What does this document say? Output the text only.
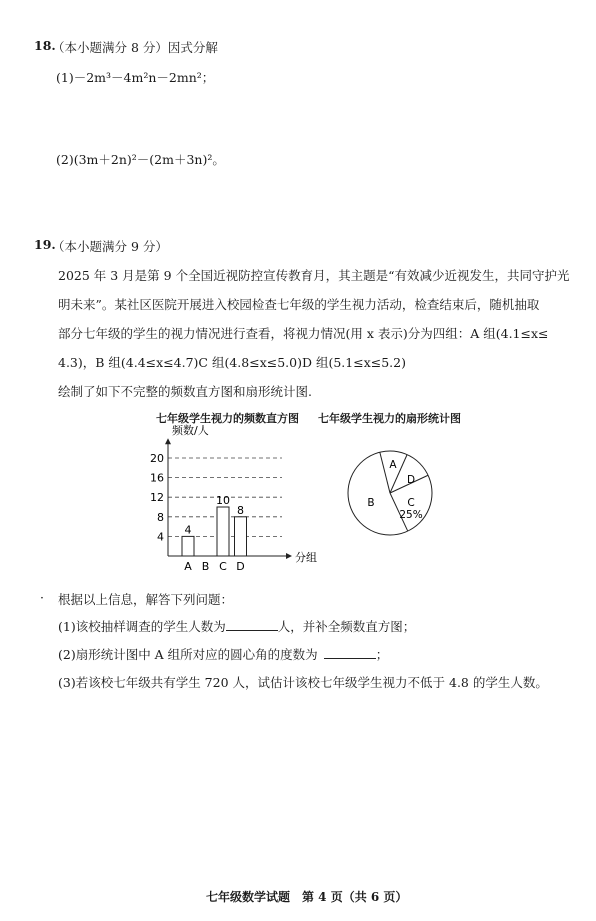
18.
（本小题满分 8 分）因式分解
(1)－2m³－4m²n－2mn²；
(2)(3m＋2n)²－(2m＋3n)²。
19.
（本小题满分 9 分）
2025 年 3 月是第 9 个全国近视防控宣传教育月，其主题是“有效减少近视发生，共同守护光
明未来”。某社区医院开展进入校园检查七年级的学生视力活动，检查结束后，随机抽取
部分七年级的学生的视力情况进行查看，将视力情况(用 x 表示)分为四组：A 组(4.1≤x≤
4.3)，B 组(4.4≤x≤4.7)C 组(4.8≤x≤5.0)D 组(5.1≤x≤5.2)
绘制了如下不完整的频数直方图和扇形统计图.
七年级学生视力的频数直方图 七年级学生视力的扇形统计图
频数/人
4
10
8
4
8
12
16
20
A B C D
分组
A
B	C
25%
D
· 根据以上信息，解答下列问题：
(1)该校抽样调查的学生人数为	人，并补全频数直方图；
(2)扇形统计图中 A 组所对应的圆心角的度数为	；
(3)若该校七年级共有学生 720 人，试估计该校七年级学生视力不低于 4.8 的学生人数。
七年级数学试题　第 4 页（共 6 页）
